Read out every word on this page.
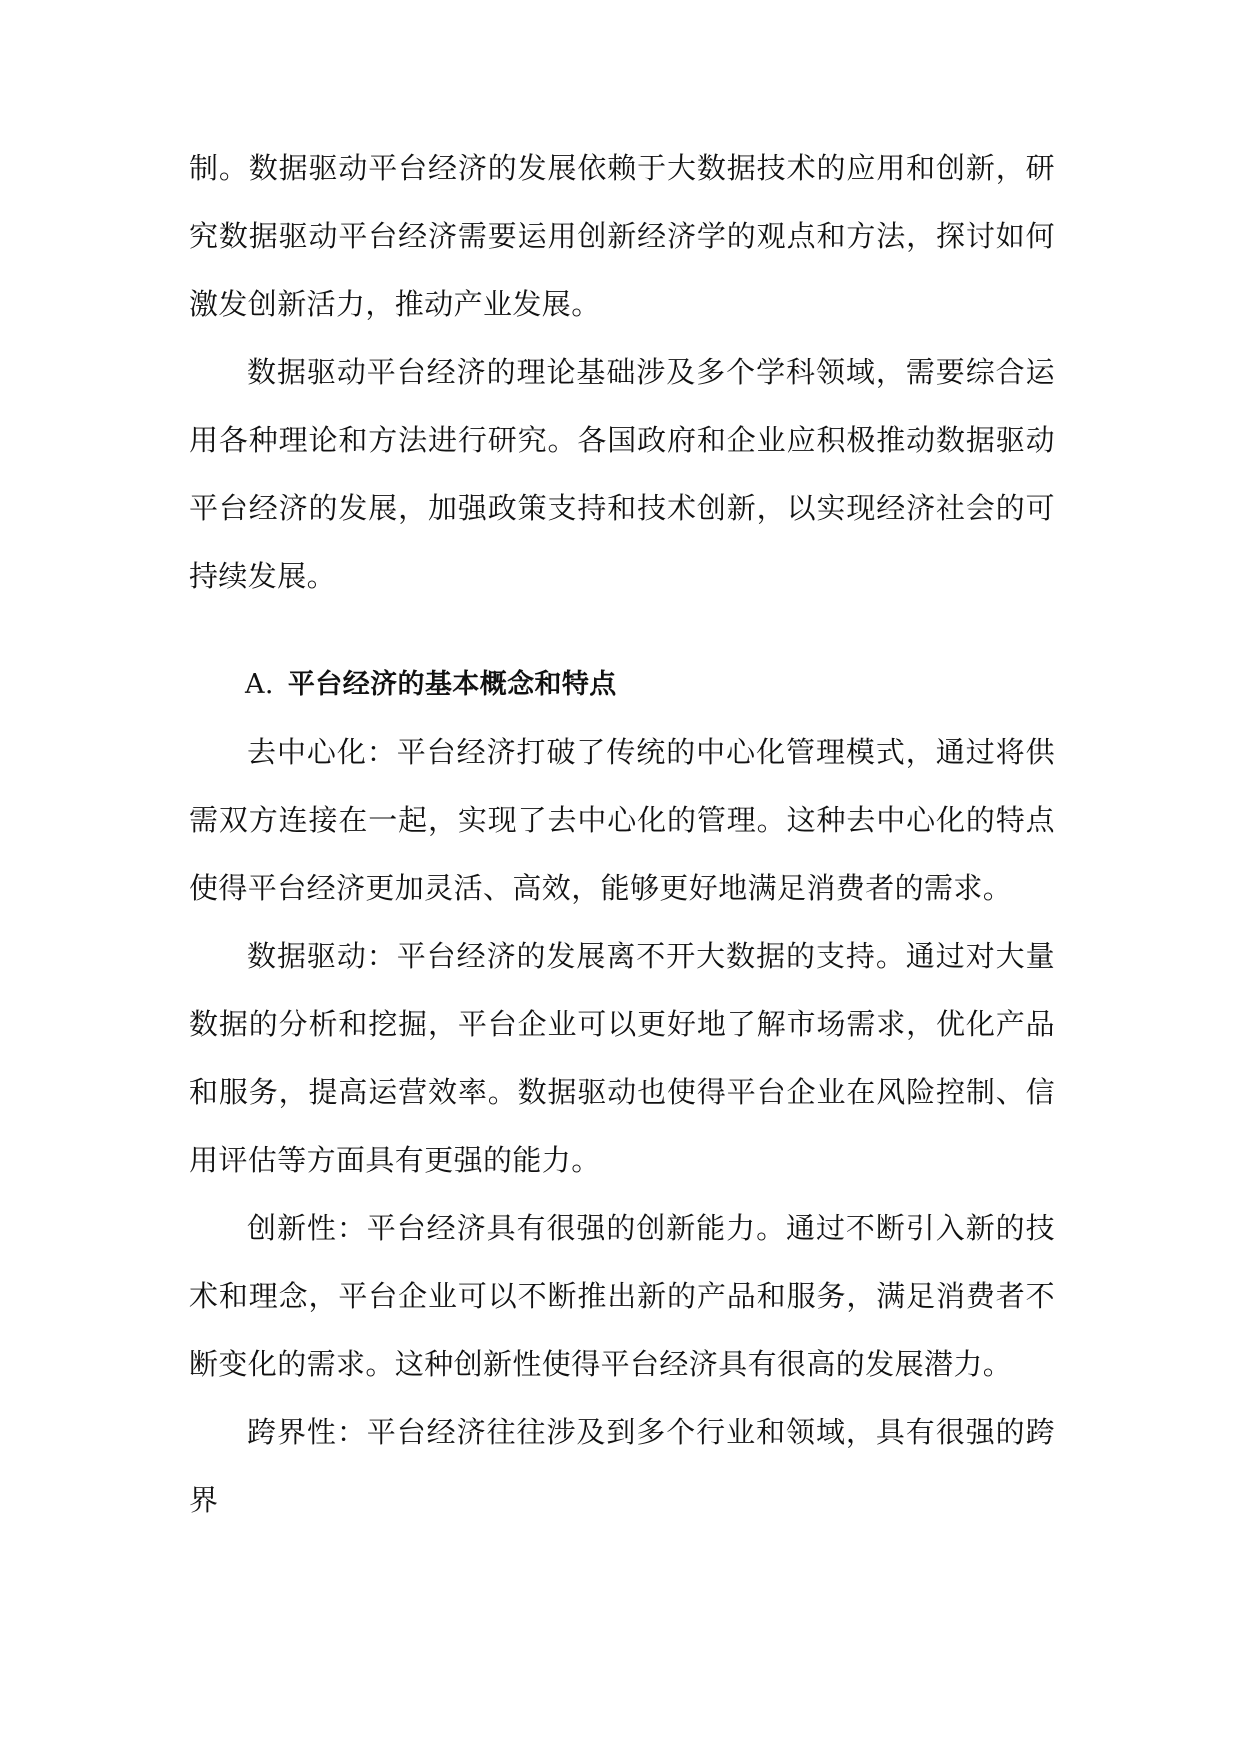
制。数据驱动平台经济的发展依赖于大数据技术的应用和创新，研究数据驱动平台经济需要运用创新经济学的观点和方法，探讨如何激发创新活力，推动产业发展。

数据驱动平台经济的理论基础涉及多个学科领域，需要综合运用各种理论和方法进行研究。各国政府和企业应积极推动数据驱动平台经济的发展，加强政策支持和技术创新，以实现经济社会的可持续发展。

A. 平台经济的基本概念和特点

去中心化：平台经济打破了传统的中心化管理模式，通过将供需双方连接在一起，实现了去中心化的管理。这种去中心化的特点使得平台经济更加灵活、高效，能够更好地满足消费者的需求。

数据驱动：平台经济的发展离不开大数据的支持。通过对大量数据的分析和挖掘，平台企业可以更好地了解市场需求，优化产品和服务，提高运营效率。数据驱动也使得平台企业在风险控制、信用评估等方面具有更强的能力。

创新性：平台经济具有很强的创新能力。通过不断引入新的技术和理念，平台企业可以不断推出新的产品和服务，满足消费者不断变化的需求。这种创新性使得平台经济具有很高的发展潜力。

跨界性：平台经济往往涉及到多个行业和领域，具有很强的跨界
